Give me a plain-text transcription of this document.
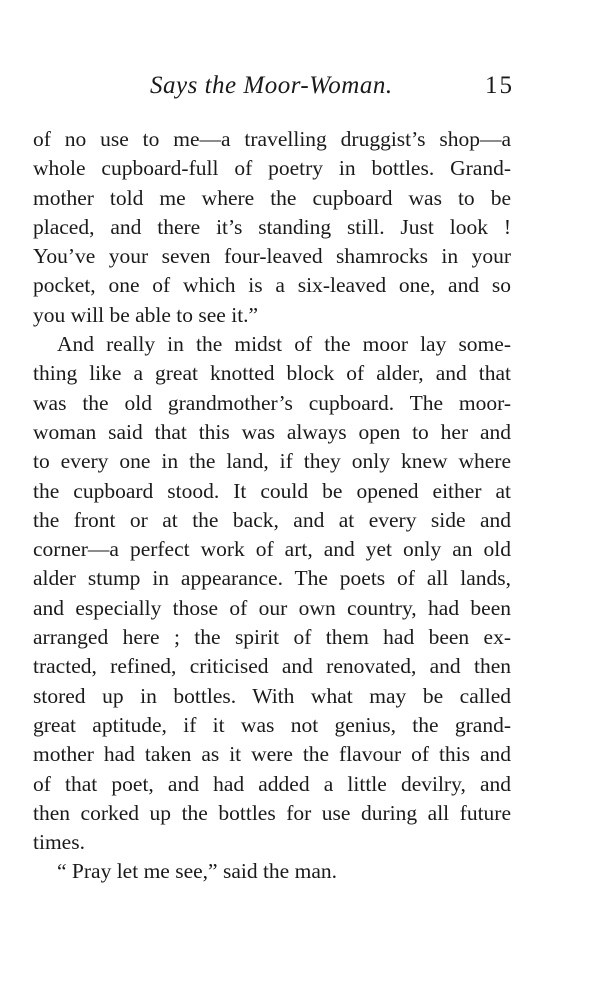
Says the Moor-Woman.	15
of no use to me—a travelling druggist’s shop—a
whole cupboard-full of poetry in bottles. Grand-
mother told me where the cupboard was to be
placed, and there it’s standing still. Just look !
You’ve your seven four-leaved shamrocks in your
pocket, one of which is a six-leaved one, and so
you will be able to see it.”
And really in the midst of the moor lay some-
thing like a great knotted block of alder, and that
was the old grandmother’s cupboard. The moor-
woman said that this was always open to her and
to every one in the land, if they only knew where
the cupboard stood. It could be opened either at
the front or at the back, and at every side and
corner—a perfect work of art, and yet only an old
alder stump in appearance. The poets of all lands,
and especially those of our own country, had been
arranged here ; the spirit of them had been ex-
tracted, refined, criticised and renovated, and then
stored up in bottles. With what may be called
great aptitude, if it was not genius, the grand-
mother had taken as it were the flavour of this and
of that poet, and had added a little devilry, and
then corked up the bottles for use during all future
times.
“ Pray let me see,” said the man.
